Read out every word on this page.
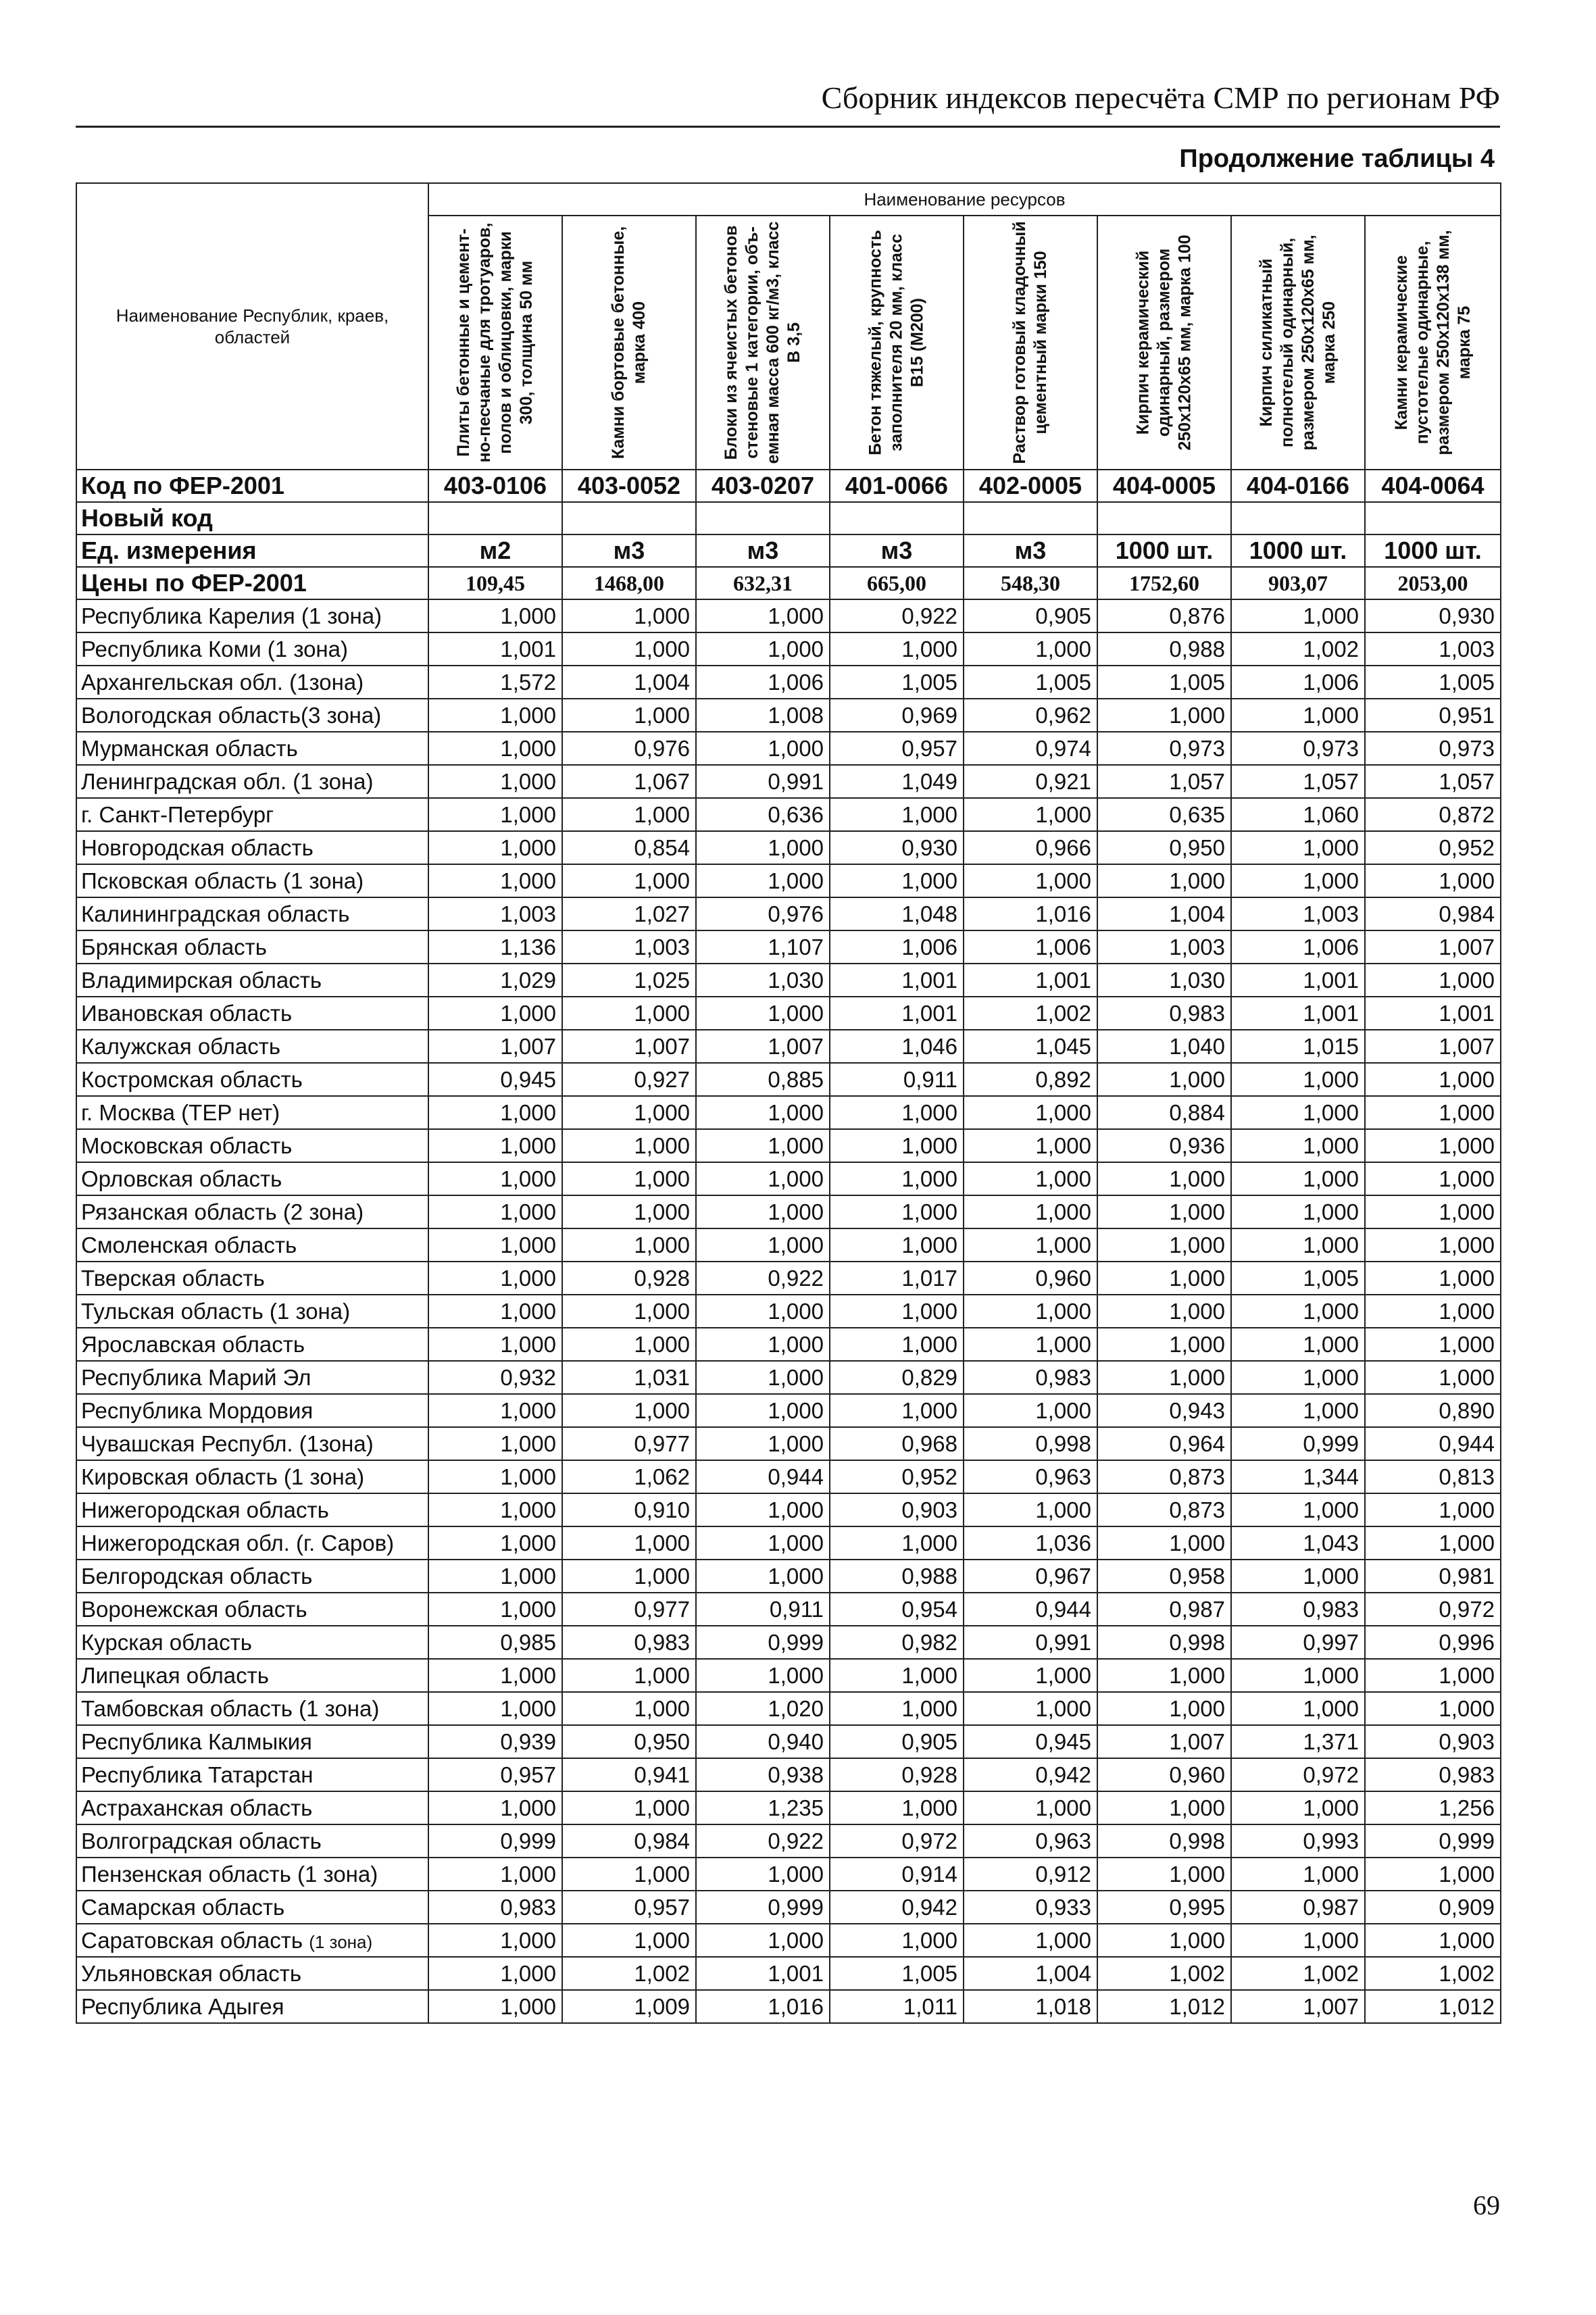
Сборник индексов пересчёта СМР по регионам РФ
Продолжение таблицы 4
Наименование Республик, краев, областей	Наименование ресурсов							

	Плиты бетонные и цемент-но-песчаные для тротуаров, полов и облицовки, марки 300, толщина 50 мм	Камни бортовые бетонные, марка 400	Блоки из ячеистых бетонов стеновые 1 категории, объ-емная масса 600 кг/м3, класс В 3,5	Бетон тяжелый, крупность заполнителя 20 мм, класс В15 (М200)	Раствор готовый кладочный цементный марки 150	Кирпич керамический одинарный, размером 250х120х65 мм, марка 100	Кирпич силикатный полнотелый одинарный, размером 250х120х65 мм, марка 250	Камни керамические пустотелые одинарные, размером 250х120х138 мм, марка 75

Код по ФЕР-2001	403-0106	403-0052	403-0207	401-0066	402-0005	404-0005	404-0166	404-0064
Новый код								
Ед. измерения	м2	м3	м3	м3	м3	1000 шт.	1000 шт.	1000 шт.
Цены по ФЕР-2001	109,45	1468,00	632,31	665,00	548,30	1752,60	903,07	2053,00
Республика Карелия (1 зона)	1,000	1,000	1,000	0,922	0,905	0,876	1,000	0,930
Республика Коми (1 зона)	1,001	1,000	1,000	1,000	1,000	0,988	1,002	1,003
Архангельская обл. (1зона)	1,572	1,004	1,006	1,005	1,005	1,005	1,006	1,005
Вологодская область(3 зона)	1,000	1,000	1,008	0,969	0,962	1,000	1,000	0,951
Мурманская область	1,000	0,976	1,000	0,957	0,974	0,973	0,973	0,973
Ленинградская обл. (1 зона)	1,000	1,067	0,991	1,049	0,921	1,057	1,057	1,057
г. Санкт-Петербург	1,000	1,000	0,636	1,000	1,000	0,635	1,060	0,872
Новгородская область	1,000	0,854	1,000	0,930	0,966	0,950	1,000	0,952
Псковская область (1 зона)	1,000	1,000	1,000	1,000	1,000	1,000	1,000	1,000
Калининградская область	1,003	1,027	0,976	1,048	1,016	1,004	1,003	0,984
Брянская область	1,136	1,003	1,107	1,006	1,006	1,003	1,006	1,007
Владимирская область	1,029	1,025	1,030	1,001	1,001	1,030	1,001	1,000
Ивановская область	1,000	1,000	1,000	1,001	1,002	0,983	1,001	1,001
Калужская область	1,007	1,007	1,007	1,046	1,045	1,040	1,015	1,007
Костромская область	0,945	0,927	0,885	0,911	0,892	1,000	1,000	1,000
г. Москва (ТЕР нет)	1,000	1,000	1,000	1,000	1,000	0,884	1,000	1,000
Московская область	1,000	1,000	1,000	1,000	1,000	0,936	1,000	1,000
Орловская область	1,000	1,000	1,000	1,000	1,000	1,000	1,000	1,000
Рязанская область (2 зона)	1,000	1,000	1,000	1,000	1,000	1,000	1,000	1,000
Смоленская область	1,000	1,000	1,000	1,000	1,000	1,000	1,000	1,000
Тверская область	1,000	0,928	0,922	1,017	0,960	1,000	1,005	1,000
Тульская область (1 зона)	1,000	1,000	1,000	1,000	1,000	1,000	1,000	1,000
Ярославская область	1,000	1,000	1,000	1,000	1,000	1,000	1,000	1,000
Республика Марий Эл	0,932	1,031	1,000	0,829	0,983	1,000	1,000	1,000
Республика Мордовия	1,000	1,000	1,000	1,000	1,000	0,943	1,000	0,890
Чувашская Республ. (1зона)	1,000	0,977	1,000	0,968	0,998	0,964	0,999	0,944
Кировская область (1 зона)	1,000	1,062	0,944	0,952	0,963	0,873	1,344	0,813
Нижегородская область	1,000	0,910	1,000	0,903	1,000	0,873	1,000	1,000
Нижегородская обл. (г. Саров)	1,000	1,000	1,000	1,000	1,036	1,000	1,043	1,000
Белгородская область	1,000	1,000	1,000	0,988	0,967	0,958	1,000	0,981
Воронежская область	1,000	0,977	0,911	0,954	0,944	0,987	0,983	0,972
Курская область	0,985	0,983	0,999	0,982	0,991	0,998	0,997	0,996
Липецкая область	1,000	1,000	1,000	1,000	1,000	1,000	1,000	1,000
Тамбовская область (1 зона)	1,000	1,000	1,020	1,000	1,000	1,000	1,000	1,000
Республика Калмыкия	0,939	0,950	0,940	0,905	0,945	1,007	1,371	0,903
Республика Татарстан	0,957	0,941	0,938	0,928	0,942	0,960	0,972	0,983
Астраханская область	1,000	1,000	1,235	1,000	1,000	1,000	1,000	1,256
Волгоградская область	0,999	0,984	0,922	0,972	0,963	0,998	0,993	0,999
Пензенская область (1 зона)	1,000	1,000	1,000	0,914	0,912	1,000	1,000	1,000
Самарская область	0,983	0,957	0,999	0,942	0,933	0,995	0,987	0,909
Саратовская область (1 зона)	1,000	1,000	1,000	1,000	1,000	1,000	1,000	1,000
Ульяновская область	1,000	1,002	1,001	1,005	1,004	1,002	1,002	1,002
Республика Адыгея	1,000	1,009	1,016	1,011	1,018	1,012	1,007	1,012
69
